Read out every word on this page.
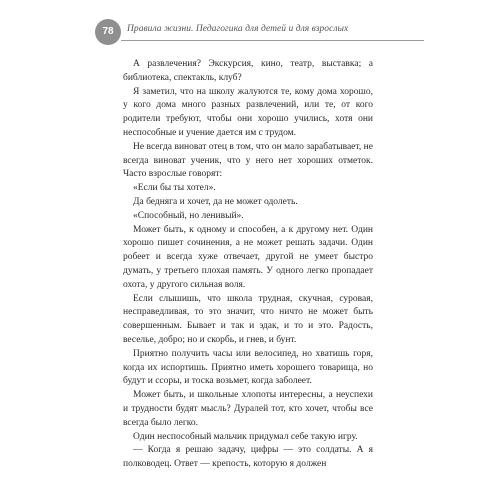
78	Правила жизни. Педагогика для детей и для взрослых

А развлечения? Экскурсия, кино, театр, выставка; а библиотека, спектакль, клуб?

Я заметил, что на школу жалуются те, кому дома хорошо, у кого дома много разных развлечений, или те, от кого родители требуют, чтобы они хорошо учились, хотя они неспособные и учение дается им с трудом.

Не всегда виноват отец в том, что он мало зарабатывает, не всегда виноват ученик, что у него нет хороших отметок. Часто взрослые говорят:

«Если бы ты хотел».

Да бедняга и хочет, да не может одолеть.

«Способный, но ленивый».

Может быть, к одному и способен, а к другому нет. Один хорошо пишет сочинения, а не может решать задачи. Один робеет и всегда хуже отвечает, другой не умеет быстро думать, у третьего плохая память. У одного легко пропадает охота, у другого сильная воля.

Если слышишь, что школа трудная, скучная, суровая, несправедливая, то это значит, что ничто не может быть совершенным. Бывает и так и эдак, и то и это. Радость, веселье, добро; но и скорбь, и гнев, и бунт.

Приятно получить часы или велосипед, но хватишь горя, когда их испортишь. Приятно иметь хорошего товарища, но будут и ссоры, и тоска возьмет, когда заболеет.

Может быть, и школьные хлопоты интересны, а неуспехи и трудности будят мысль? Дуралей тот, кто хочет, чтобы все всегда было легко.

Один неспособный мальчик придумал себе такую игру.

— Когда я решаю задачу, цифры — это солдаты. А я полководец. Ответ — крепость, которую я должен
